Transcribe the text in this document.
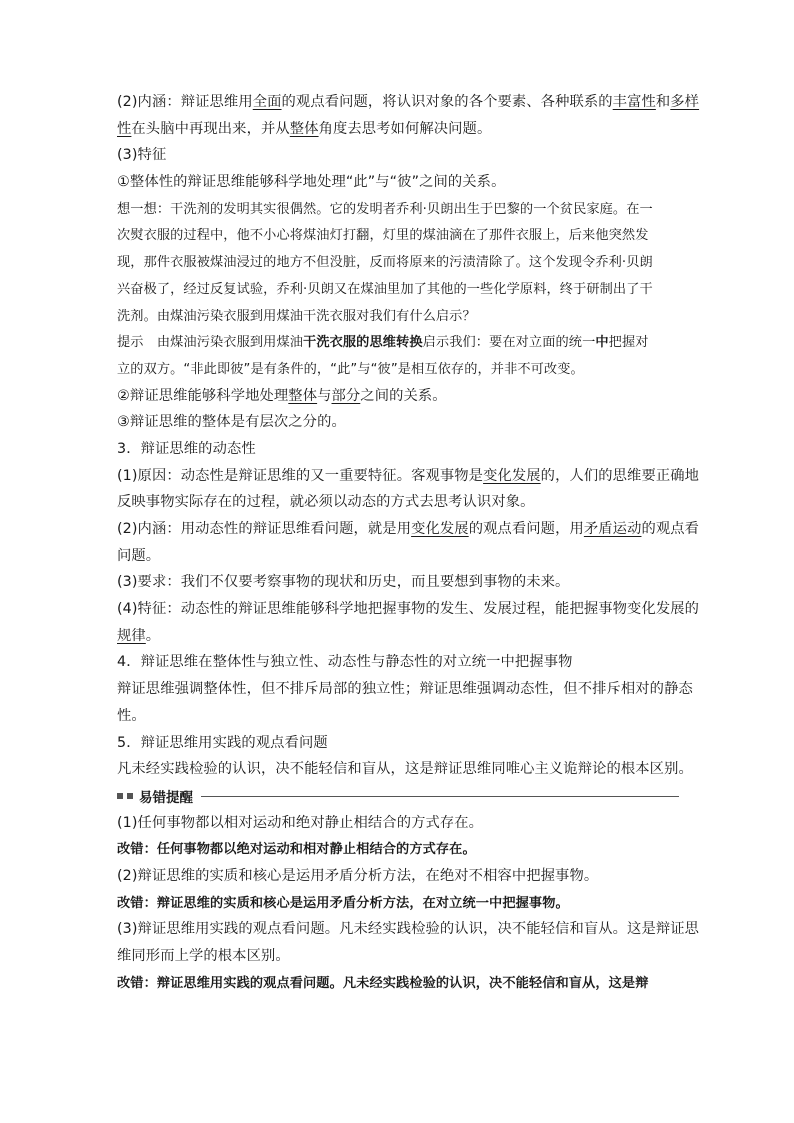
(2)内涵：辩证思维用全面的观点看问题，将认识对象的各个要素、各种联系的丰富性和多样
性在头脑中再现出来，并从整体角度去思考如何解决问题。
(3)特征
①整体性的辩证思维能够科学地处理“此”与“彼”之间的关系。
想一想：干洗剂的发明其实很偶然。它的发明者乔利·贝朗出生于巴黎的一个贫民家庭。在一
次熨衣服的过程中，他不小心将煤油灯打翻，灯里的煤油滴在了那件衣服上，后来他突然发
现，那件衣服被煤油浸过的地方不但没脏，反而将原来的污渍清除了。这个发现令乔利·贝朗
兴奋极了，经过反复试验，乔利·贝朗又在煤油里加了其他的一些化学原料，终于研制出了干
洗剂。由煤油污染衣服到用煤油干洗衣服对我们有什么启示？
提示　由煤油污染衣服到用煤油干洗衣服的思维转换启示我们：要在对立面的统一中把握对
立的双方。“非此即彼”是有条件的，“此”与“彼”是相互依存的，并非不可改变。
②辩证思维能够科学地处理整体与部分之间的关系。
③辩证思维的整体是有层次之分的。
3．辩证思维的动态性
(1)原因：动态性是辩证思维的又一重要特征。客观事物是变化发展的，人们的思维要正确地
反映事物实际存在的过程，就必须以动态的方式去思考认识对象。
(2)内涵：用动态性的辩证思维看问题，就是用变化发展的观点看问题，用矛盾运动的观点看
问题。
(3)要求：我们不仅要考察事物的现状和历史，而且要想到事物的未来。
(4)特征：动态性的辩证思维能够科学地把握事物的发生、发展过程，能把握事物变化发展的
规律。
4．辩证思维在整体性与独立性、动态性与静态性的对立统一中把握事物
辩证思维强调整体性，但不排斥局部的独立性；辩证思维强调动态性，但不排斥相对的静态
性。
5．辩证思维用实践的观点看问题
凡未经实践检验的认识，决不能轻信和盲从，这是辩证思维同唯心主义诡辩论的根本区别。
易错提醒
(1)任何事物都以相对运动和绝对静止相结合的方式存在。
改错：任何事物都以绝对运动和相对静止相结合的方式存在。
(2)辩证思维的实质和核心是运用矛盾分析方法，在绝对不相容中把握事物。
改错：辩证思维的实质和核心是运用矛盾分析方法，在对立统一中把握事物。
(3)辩证思维用实践的观点看问题。凡未经实践检验的认识，决不能轻信和盲从。这是辩证思
维同形而上学的根本区别。
改错：辩证思维用实践的观点看问题。凡未经实践检验的认识，决不能轻信和盲从，这是辩
